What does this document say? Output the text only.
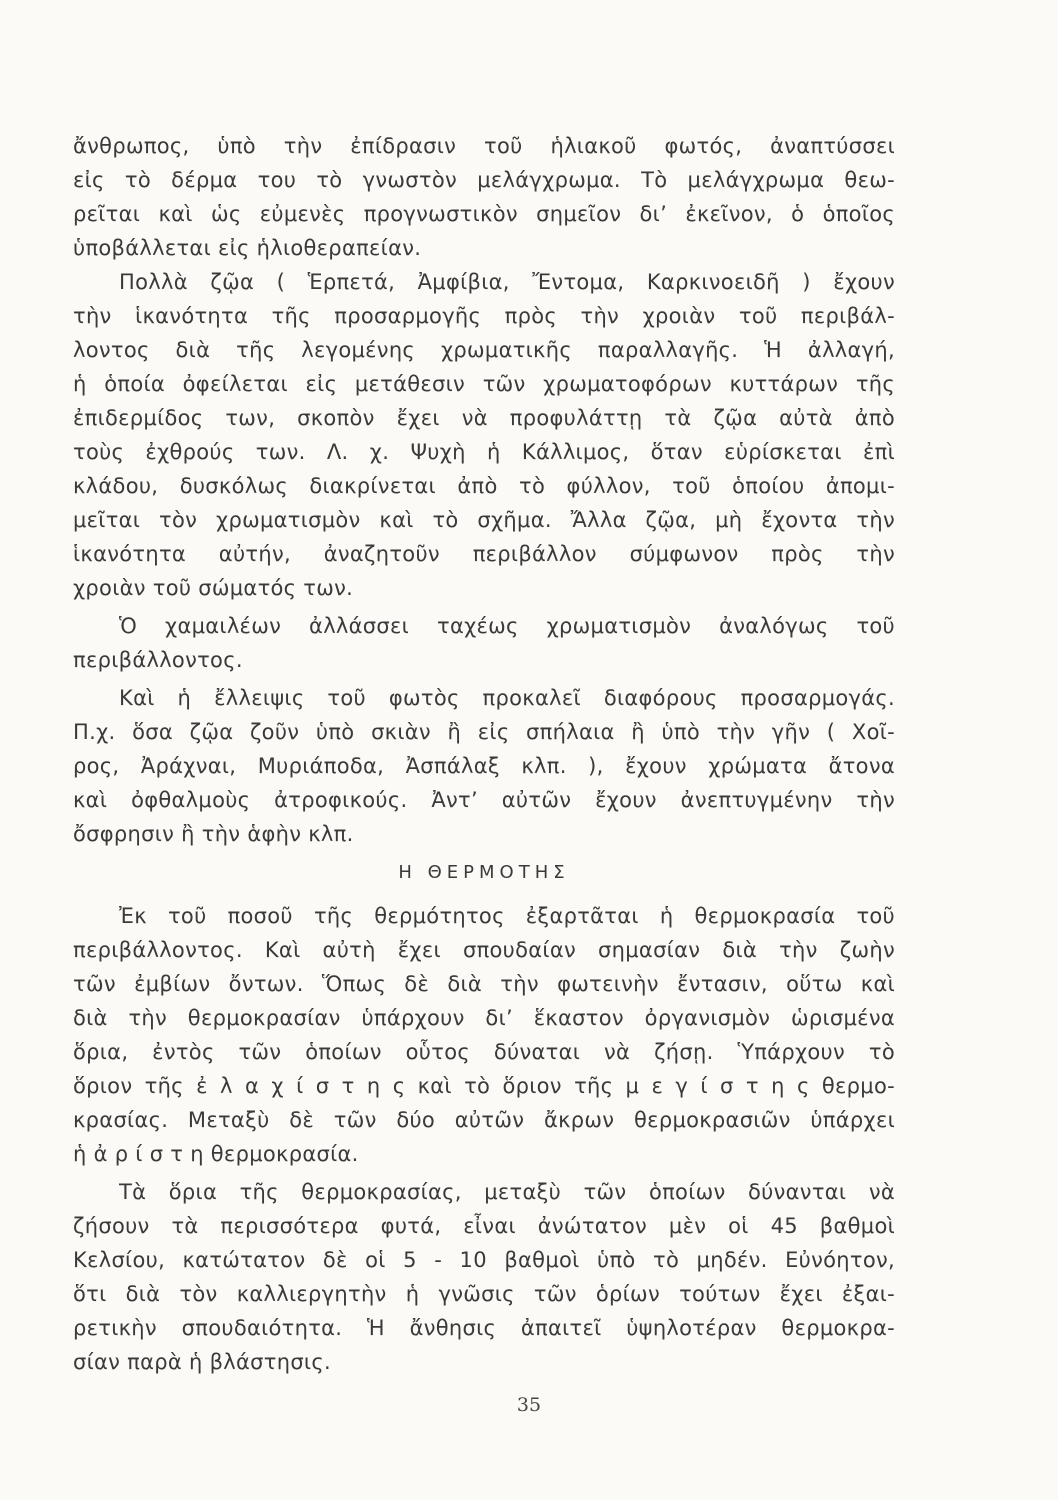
ἄνθρωπος, ὑπὸ τὴν ἐπίδρασιν τοῦ ἡλιακοῦ φωτός, ἀναπτύσσει
εἰς τὸ δέρμα του τὸ γνωστὸν μελάγχρωμα. Τὸ μελάγχρωμα θεω-
ρεῖται καὶ ὡς εὐμενὲς προγνωστικὸν σημεῖον δι’ ἐκεῖνον, ὁ ὁποῖος
ὑποβάλλεται εἰς ἡλιοθεραπείαν.
Πολλὰ ζῷα ( Ἑρπετά, Ἀμφίβια, Ἔντομα, Καρκινοειδῆ ) ἔχουν
τὴν ἱκανότητα τῆς προσαρμογῆς πρὸς τὴν χροιὰν τοῦ περιβάλ-
λοντος διὰ τῆς λεγομένης χρωματικῆς παραλλαγῆς. Ἡ ἀλλαγή,
ἡ ὁποία ὀφείλεται εἰς μετάθεσιν τῶν χρωματοφόρων κυττάρων τῆς
ἐπιδερμίδος των, σκοπὸν ἔχει νὰ προφυλάττῃ τὰ ζῷα αὐτὰ ἀπὸ
τοὺς ἐχθρούς των. Λ. χ. Ψυχὴ ἡ Κάλλιμος, ὅταν εὑρίσκεται ἐπὶ
κλάδου, δυσκόλως διακρίνεται ἀπὸ τὸ φύλλον, τοῦ ὁποίου ἀπομι-
μεῖται τὸν χρωματισμὸν καὶ τὸ σχῆμα. Ἄλλα ζῷα, μὴ ἔχοντα τὴν
ἱκανότητα αὐτήν, ἀναζητοῦν περιβάλλον σύμφωνον πρὸς τὴν
χροιὰν τοῦ σώματός των.
Ὁ χαμαιλέων ἀλλάσσει ταχέως χρωματισμὸν ἀναλόγως τοῦ
περιβάλλοντος.
Καὶ ἡ ἔλλειψις τοῦ φωτὸς προκαλεῖ διαφόρους προσαρμογάς.
Π.χ. ὅσα ζῷα ζοῦν ὑπὸ σκιὰν ἢ εἰς σπήλαια ἢ ὑπὸ τὴν γῆν ( Χοῖ-
ρος, Ἀράχναι, Μυριάποδα, Ἀσπάλαξ κλπ. ), ἔχουν χρώματα ἄτονα
καὶ ὀφθαλμοὺς ἀτροφικούς. Ἀντ’ αὐτῶν ἔχουν ἀνεπτυγμένην τὴν
ὄσφρησιν ἢ τὴν ἁφὴν κλπ.
Η ΘΕΡΜΟΤΗΣ
Ἐκ τοῦ ποσοῦ τῆς θερμότητος ἐξαρτᾶται ἡ θερμοκρασία τοῦ
περιβάλλοντος. Καὶ αὐτὴ ἔχει σπουδαίαν σημασίαν διὰ τὴν ζωὴν
τῶν ἐμβίων ὄντων. Ὅπως δὲ διὰ τὴν φωτεινὴν ἔντασιν, οὕτω καὶ
διὰ τὴν θερμοκρασίαν ὑπάρχουν δι’ ἕκαστον ὀργανισμὸν ὡρισμένα
ὅρια, ἐντὸς τῶν ὁποίων οὗτος δύναται νὰ ζήσῃ. Ὑπάρχουν τὸ
ὅριον τῆς ἐ λ α χ ί σ τ η ς καὶ τὸ ὅριον τῆς μ ε γ ί σ τ η ς θερμο-
κρασίας. Μεταξὺ δὲ τῶν δύο αὐτῶν ἄκρων θερμοκρασιῶν ὑπάρχει
ἡ ἀ ρ ί σ τ η θερμοκρασία.
Τὰ ὅρια τῆς θερμοκρασίας, μεταξὺ τῶν ὁποίων δύνανται νὰ
ζήσουν τὰ περισσότερα φυτά, εἶναι ἀνώτατον μὲν οἱ 45 βαθμοὶ
Κελσίου, κατώτατον δὲ οἱ 5 - 10 βαθμοὶ ὑπὸ τὸ μηδέν. Εὐνόητον,
ὅτι διὰ τὸν καλλιεργητὴν ἡ γνῶσις τῶν ὁρίων τούτων ἔχει ἐξαι-
ρετικὴν σπουδαιότητα. Ἡ ἄνθησις ἀπαιτεῖ ὑψηλοτέραν θερμοκρα-
σίαν παρὰ ἡ βλάστησις.
35
